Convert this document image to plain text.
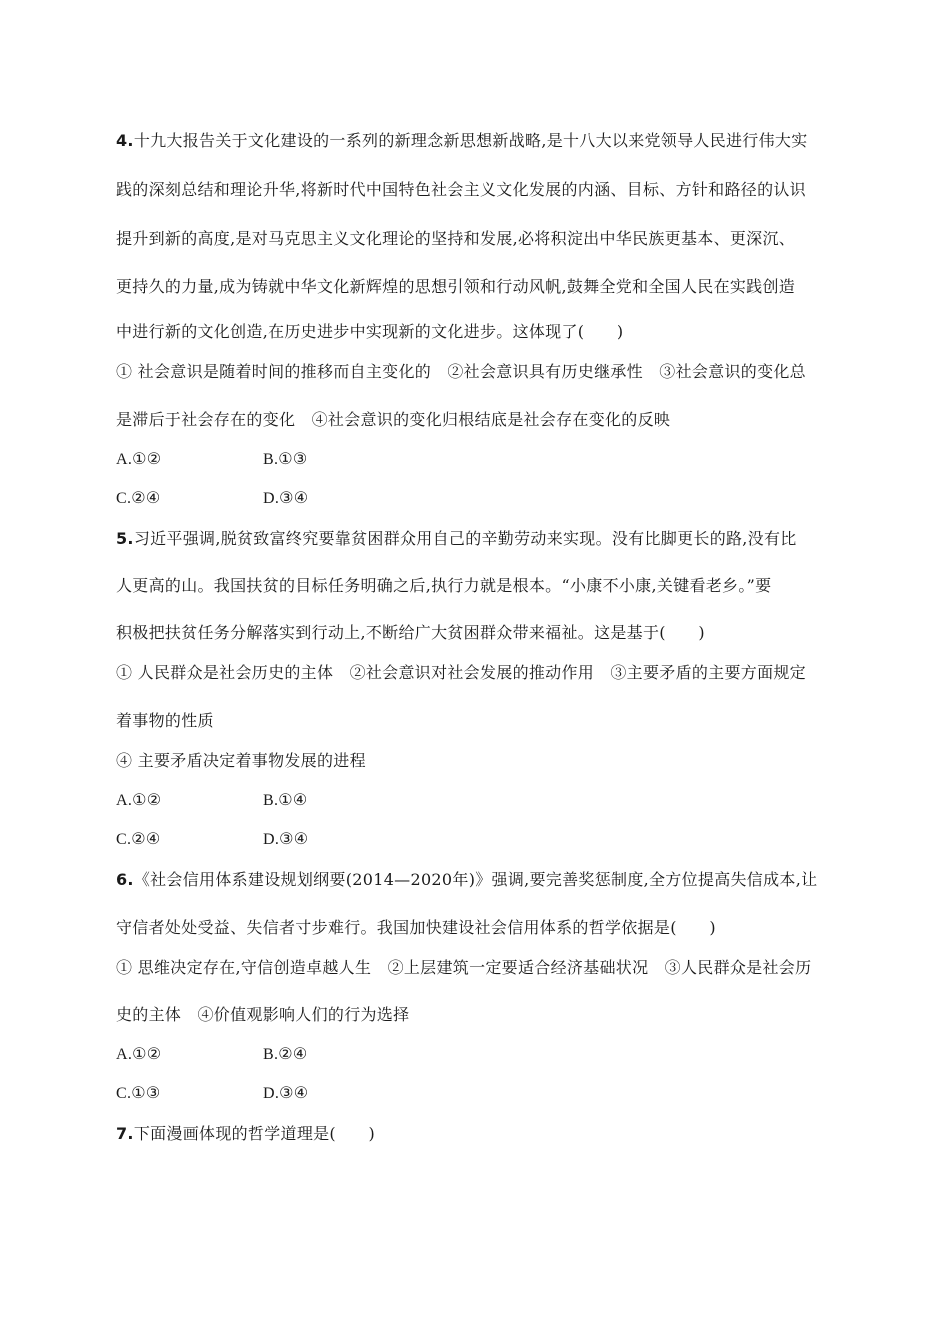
4.十九大报告关于文化建设的一系列的新理念新思想新战略,是十八大以来党领导人民进行伟大实
践的深刻总结和理论升华,将新时代中国特色社会主义文化发展的内涵、目标、方针和路径的认识
提升到新的高度,是对马克思主义文化理论的坚持和发展,必将积淀出中华民族更基本、更深沉、
更持久的力量,成为铸就中华文化新辉煌的思想引领和行动风帆,鼓舞全党和全国人民在实践创造
中进行新的文化创造,在历史进步中实现新的文化进步。这体现了(　　)
① 社会意识是随着时间的推移而自主变化的　②社会意识具有历史继承性　③社会意识的变化总
是滞后于社会存在的变化　④社会意识的变化归根结底是社会存在变化的反映
A.①②	B.①③
C.②④	D.③④
5.习近平强调,脱贫致富终究要靠贫困群众用自己的辛勤劳动来实现。没有比脚更长的路,没有比
人更高的山。我国扶贫的目标任务明确之后,执行力就是根本。“小康不小康,关键看老乡。”要
积极把扶贫任务分解落实到行动上,不断给广大贫困群众带来福祉。这是基于(　　)
① 人民群众是社会历史的主体　②社会意识对社会发展的推动作用　③主要矛盾的主要方面规定
着事物的性质
④ 主要矛盾决定着事物发展的进程
A.①②	B.①④
C.②④	D.③④
6.《社会信用体系建设规划纲要(2014—2020年)》强调,要完善奖惩制度,全方位提高失信成本,让
守信者处处受益、失信者寸步难行。我国加快建设社会信用体系的哲学依据是(　　)
① 思维决定存在,守信创造卓越人生　②上层建筑一定要适合经济基础状况　③人民群众是社会历
史的主体　④价值观影响人们的行为选择
A.①②	B.②④
C.①③	D.③④
7.下面漫画体现的哲学道理是(　　)
